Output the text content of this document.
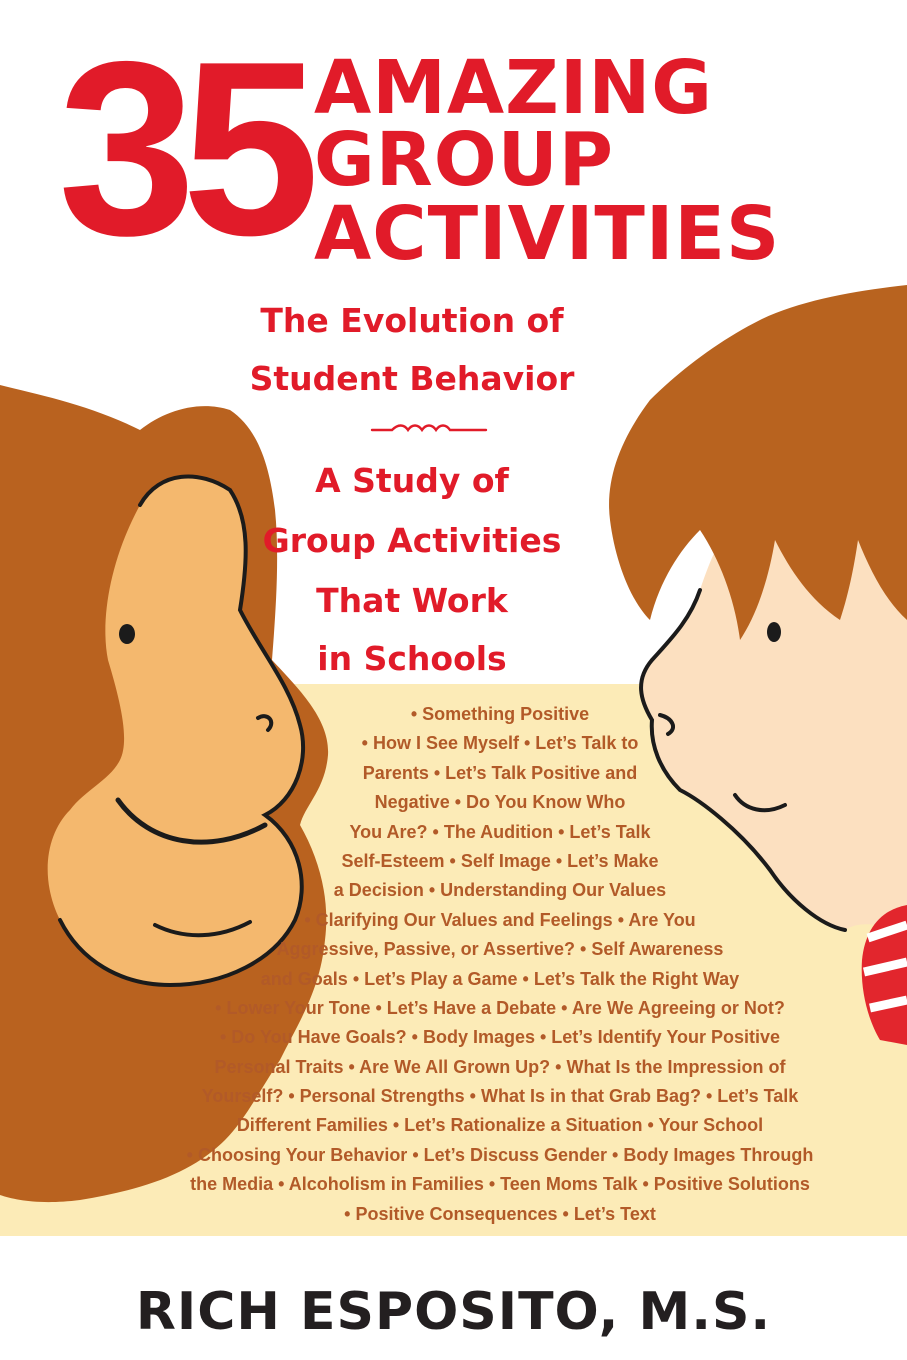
35 AMAZING
GROUP
ACTIVITIES
The Evolution of
Student Behavior
A Study of
Group Activities
That Work
in Schools
• Something Positive
• How I See Myself • Let’s Talk to
Parents • Let’s Talk Positive and
Negative • Do You Know Who
You Are? • The Audition • Let’s Talk
Self-Esteem • Self Image • Let’s Make
a Decision • Understanding Our Values
• Clarifying Our Values and Feelings • Are You
Aggressive, Passive, or Assertive? • Self Awareness
and Goals • Let’s Play a Game • Let’s Talk the Right Way
• Lower Your Tone • Let’s Have a Debate • Are We Agreeing or Not?
• Do You Have Goals? • Body Images • Let’s Identify Your Positive
Personal Traits • Are We All Grown Up? • What Is the Impression of
Yourself? • Personal Strengths • What Is in that Grab Bag? • Let’s Talk
Different Families • Let’s Rationalize a Situation • Your School
• Choosing Your Behavior • Let’s Discuss Gender • Body Images Through
the Media • Alcoholism in Families • Teen Moms Talk • Positive Solutions
• Positive Consequences • Let’s Text
RICH ESPOSITO, M.S.
